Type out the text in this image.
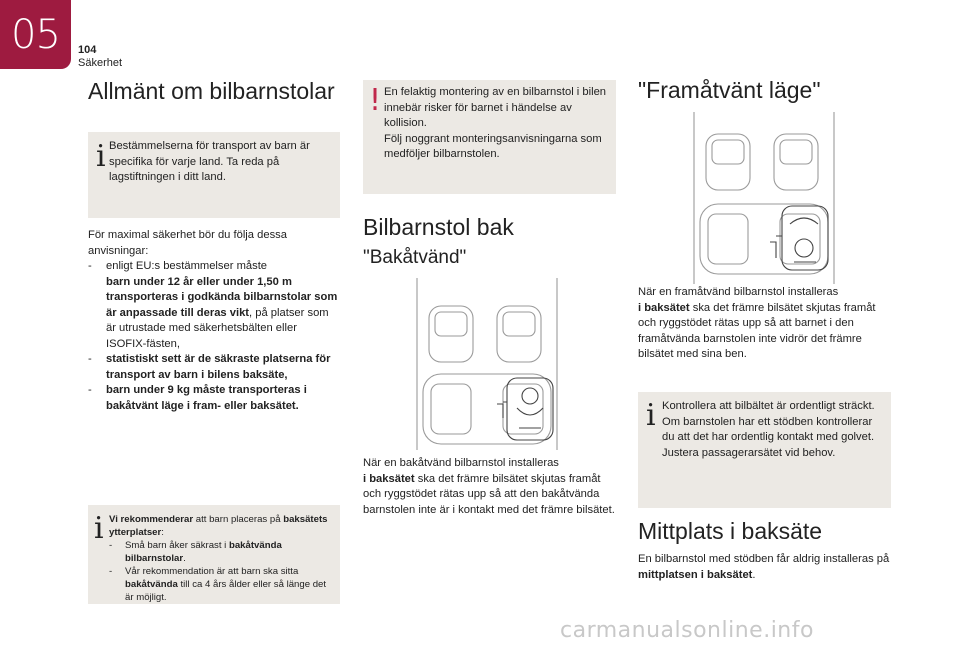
05	104
Säkerhet
Allmänt om bilbarnstolar
i Bestämmelserna för transport av barn är specifika för varje land. Ta reda på lagstiftningen i ditt land.
För maximal säkerhet bör du följa dessa anvisningar:
-	enligt EU:s bestämmelser måste
barn under 12 år eller under 1,50 m transporteras i godkända bilbarnstolar som är anpassade till deras vikt, på platser som är utrustade med säkerhetsbälten eller ISOFIX-fästen,
- statistiskt sett är de säkraste platserna för transport av barn i bilens baksäte,
- barn under 9 kg måste transporteras i bakåtvänt läge i fram- eller baksätet.
i Vi rekommenderar att barn placeras på baksätets ytterplatser:
- Små barn åker säkrast i bakåtvända bilbarnstolar.
- Vår rekommendation är att barn ska sitta bakåtvända till ca 4 års ålder eller så länge det är möjligt.
! En felaktig montering av en bilbarnstol i bilen innebär risker för barnet i händelse av kollision.
Följ noggrant monteringsanvisningarna som medföljer bilbarnstolen.
Bilbarnstol bak
"Bakåtvänd"
När en bakåtvänd bilbarnstol installeras
i baksätet ska det främre bilsätet skjutas framåt och ryggstödet rätas upp så att den bakåtvända barnstolen inte är i kontakt med det främre bilsätet.
"Framåtvänt läge"
När en framåtvänd bilbarnstol installeras
i baksätet ska det främre bilsätet skjutas framåt och ryggstödet rätas upp så att barnet i den framåtvända barnstolen inte vidrör det främre bilsätet med sina ben.
i Kontrollera att bilbältet är ordentligt sträckt.
Om barnstolen har ett stödben kontrollerar du att det har ordentlig kontakt med golvet. Justera passagerarsätet vid behov.
Mittplats i baksäte
En bilbarnstol med stödben får aldrig installeras på mittplatsen i baksätet.
carmanualsonline.info
